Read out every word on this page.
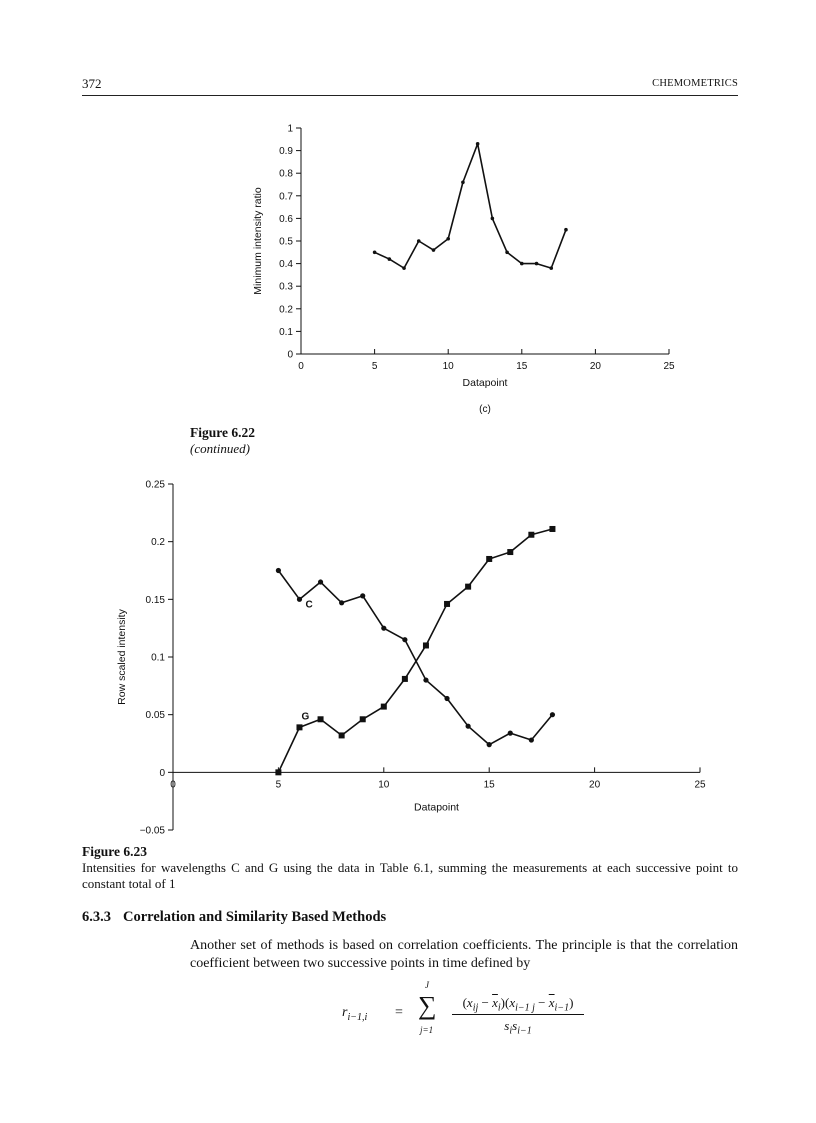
372	CHEMOMETRICS
0
0.1
0.2
0.3
0.4
0.5
0.6
0.7
0.8
0.9
1
0	5	10	15	20	25
Datapoint
Minimum intensity ratio
(c)
Figure 6.22
(continued)
−0.05
0
0.05
0.1
0.15
0.2
0.25
0	5	10	15	20	25
Datapoint
Row scaled intensity
C
G
Figure 6.23
Intensities for wavelengths C and G using the data in Table 6.1, summing the measurements at each successive point to constant total of 1
6.3.3 Correlation and Similarity Based Methods
Another set of methods is based on correlation coefficients. The principle is that the correlation coefficient between two successive points in time defined by
$r_{i-1,i}$ = ∑
J
j=1
$(x_{ij} - \overline{x}_i)(x_{i-1 j} - \overline{x}_{i-1})$
$s_is_{i-1}$
